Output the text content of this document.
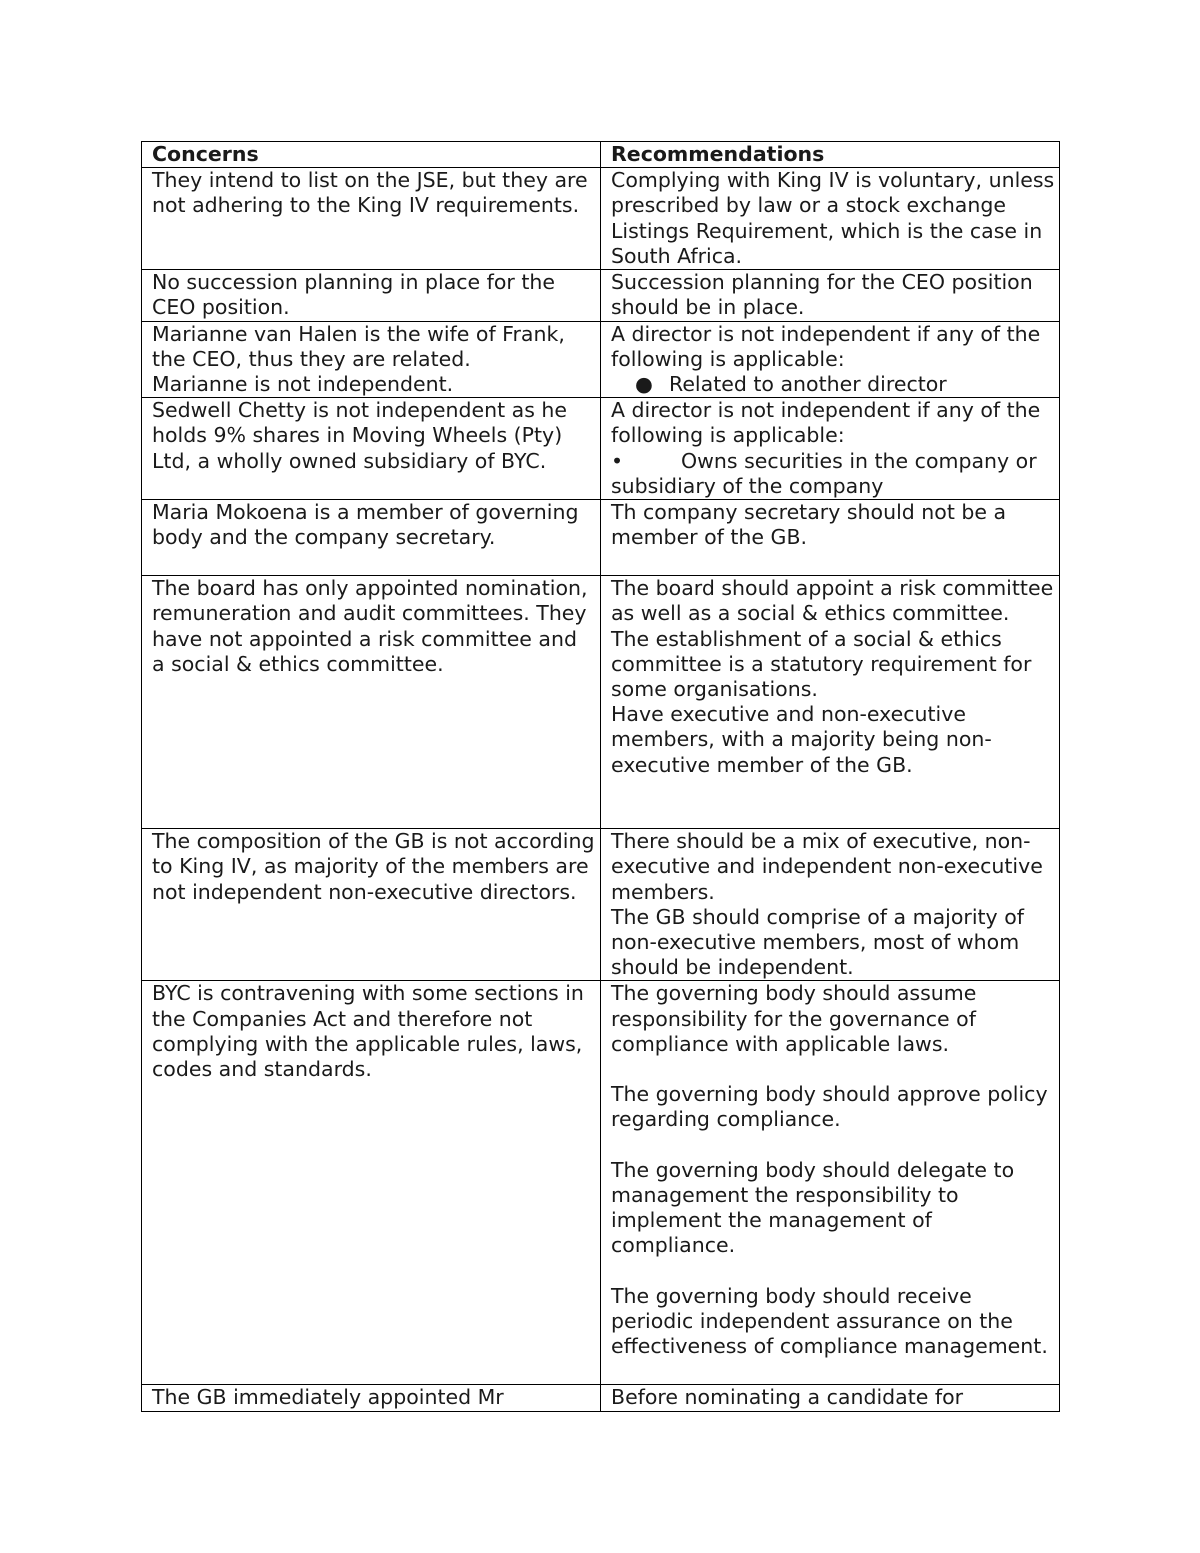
Concerns	Recommendations

They intend to list on the JSE, but they are not adhering to the King IV requirements.	Complying with King IV is voluntary, unless prescribed by law or a stock exchange Listings Requirement, which is the case in South Africa.

No succession planning in place for the CEO position.	Succession planning for the CEO position should be in place.

Marianne van Halen is the wife of Frank, the CEO, thus they are related.
Marianne is not independent.	A director is not independent if any of the following is applicable:
● Related to another director

Sedwell Chetty is not independent as he holds 9% shares in Moving Wheels (Pty) Ltd, a wholly owned subsidiary of BYC.	A director is not independent if any of the following is applicable:
• Owns securities in the company or subsidiary of the company

Maria Mokoena is a member of governing body and the company secretary.	Th company secretary should not be a member of the GB.

The board has only appointed nomination, remuneration and audit committees. They have not appointed a risk committee and a social & ethics committee.	The board should appoint a risk committee as well as a social & ethics committee.
The establishment of a social & ethics committee is a statutory requirement for some organisations.
Have executive and non-executive members, with a majority being non-executive member of the GB.

The composition of the GB is not according to King IV, as majority of the members are not independent non-executive directors.	There should be a mix of executive, non-executive and independent non-executive members.
The GB should comprise of a majority of non-executive members, most of whom should be independent.

BYC is contravening with some sections in the Companies Act and therefore not complying with the applicable rules, laws, codes and standards.	The governing body should assume responsibility for the governance of compliance with applicable laws.
The governing body should approve policy regarding compliance.
The governing body should delegate to management the responsibility to implement the management of compliance.
The governing body should receive periodic independent assurance on the effectiveness of compliance management.

The GB immediately appointed Mr	Before nominating a candidate for
